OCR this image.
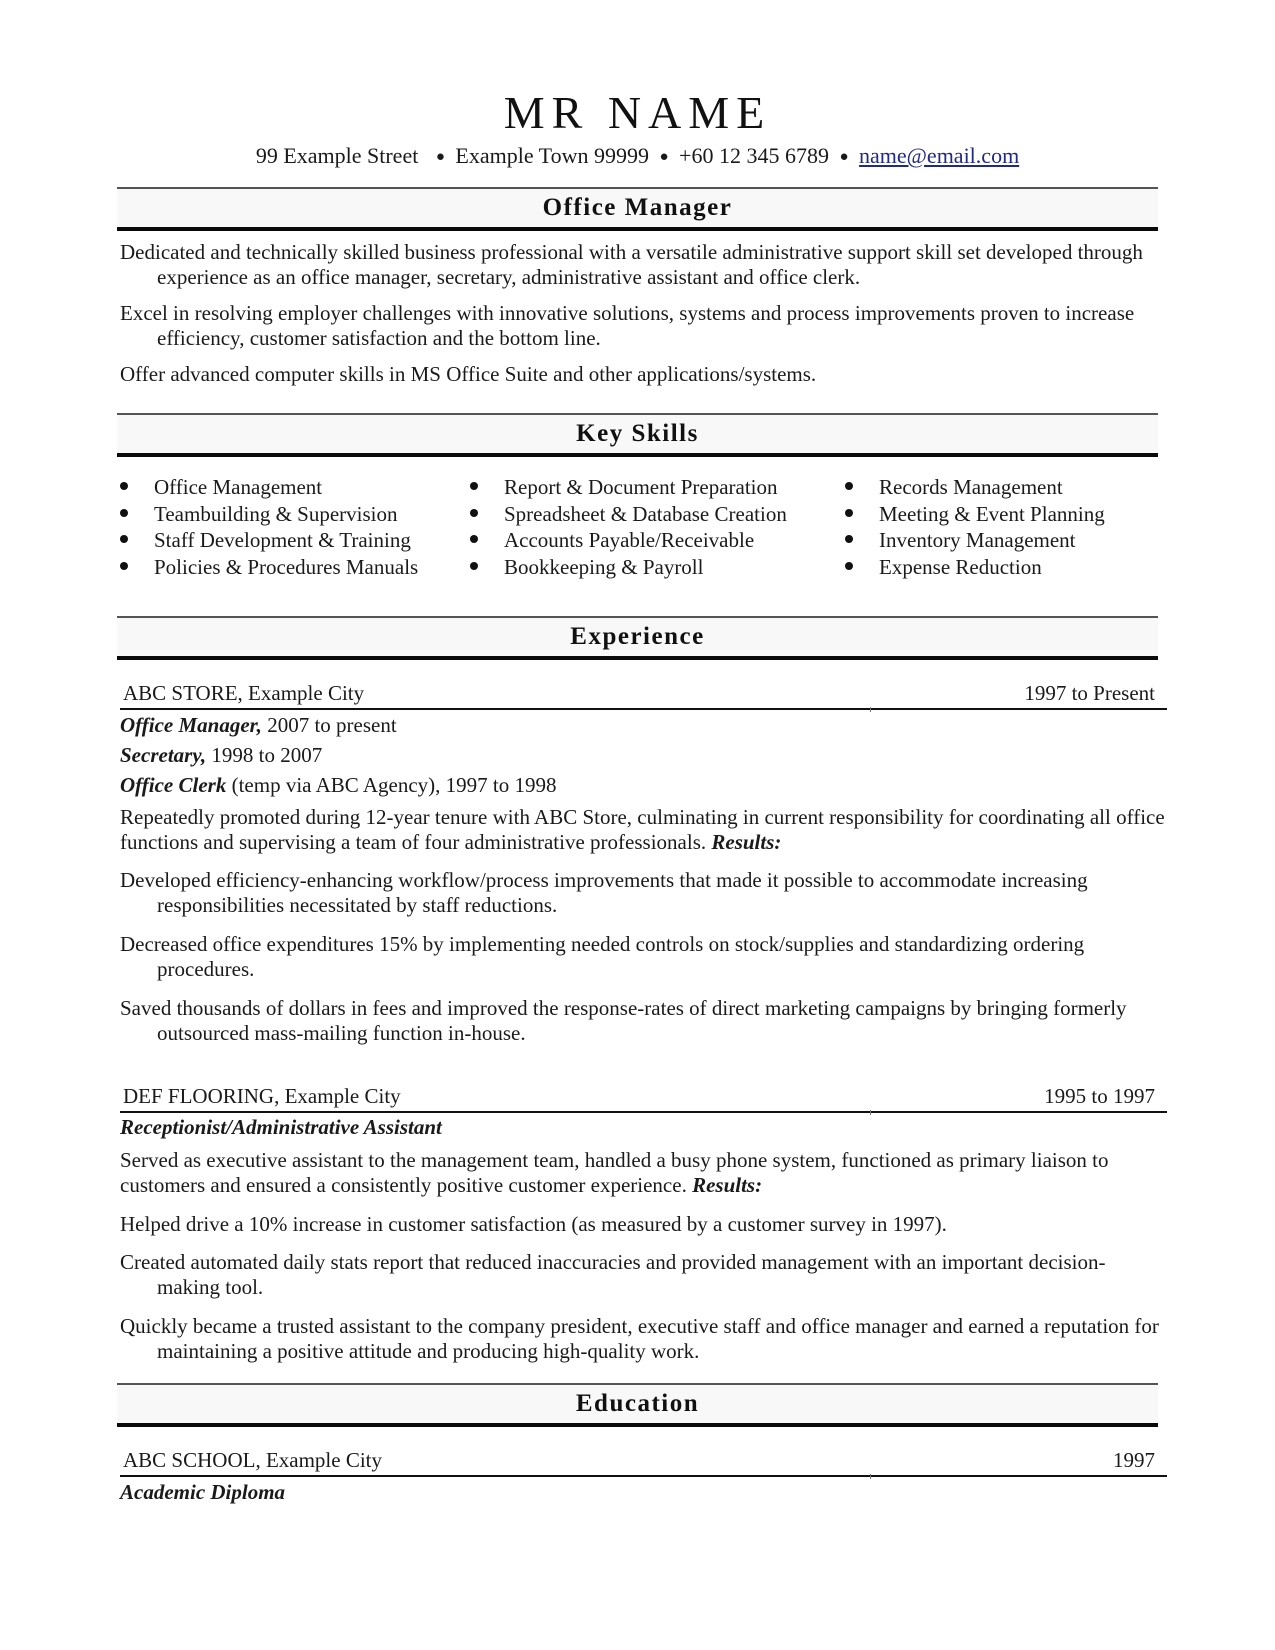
MR NAME
99 Example Street ● Example Town 99999 ● +60 12 345 6789 ● name@email.com
Office Manager

Dedicated and technically skilled business professional with a versatile administrative support skill set developed through experience as an office manager, secretary, administrative assistant and office clerk.

Excel in resolving employer challenges with innovative solutions, systems and process improvements proven to increase efficiency, customer satisfaction and the bottom line.

Offer advanced computer skills in MS Office Suite and other applications/systems.

Key Skills
Office Management
Teambuilding & Supervision
Staff Development & Training
Policies & Procedures Manuals
Report & Document Preparation
Spreadsheet & Database Creation
Accounts Payable/Receivable
Bookkeeping & Payroll
Records Management
Meeting & Event Planning
Inventory Management
Expense Reduction
Experience
ABC STORE, Example City	1997 to Present
Office Manager, 2007 to present
Secretary, 1998 to 2007
Office Clerk (temp via ABC Agency), 1997 to 1998

Repeatedly promoted during 12-year tenure with ABC Store, culminating in current responsibility for coordinating all office functions and supervising a team of four administrative professionals. Results:

Developed efficiency-enhancing workflow/process improvements that made it possible to accommodate increasing responsibilities necessitated by staff reductions.

Decreased office expenditures 15% by implementing needed controls on stock/supplies and standardizing ordering procedures.

Saved thousands of dollars in fees and improved the response-rates of direct marketing campaigns by bringing formerly outsourced mass-mailing function in-house.

DEF FLOORING, Example City	1995 to 1997
Receptionist/Administrative Assistant

Served as executive assistant to the management team, handled a busy phone system, functioned as primary liaison to customers and ensured a consistently positive customer experience. Results:

Helped drive a 10% increase in customer satisfaction (as measured by a customer survey in 1997).

Created automated daily stats report that reduced inaccuracies and provided management with an important decision-making tool.

Quickly became a trusted assistant to the company president, executive staff and office manager and earned a reputation for maintaining a positive attitude and producing high-quality work.

Education
ABC SCHOOL, Example City	1997
Academic Diploma
